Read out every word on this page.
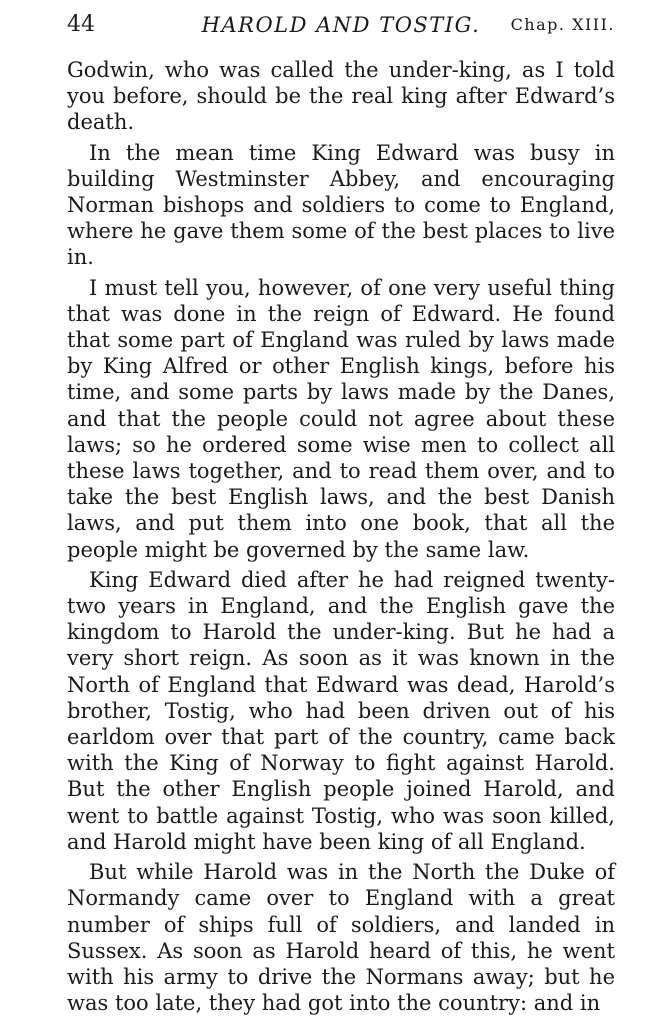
44	HAROLD AND TOSTIG.	Chap. XIII.

Godwin, who was called the under-king, as I told you before, should be the real king after Edward’s death.

In the mean time King Edward was busy in building Westminster Abbey, and encouraging Norman bishops and soldiers to come to England, where he gave them some of the best places to live in.

I must tell you, however, of one very useful thing that was done in the reign of Edward. He found that some part of England was ruled by laws made by King Alfred or other English kings, before his time, and some parts by laws made by the Danes, and that the people could not agree about these laws; so he ordered some wise men to collect all these laws together, and to read them over, and to take the best English laws, and the best Danish laws, and put them into one book, that all the people might be governed by the same law.

King Edward died after he had reigned twenty-two years in England, and the English gave the kingdom to Harold the under-king. But he had a very short reign. As soon as it was known in the North of England that Edward was dead, Harold’s brother, Tostig, who had been driven out of his earldom over that part of the country, came back with the King of Norway to fight against Harold. But the other English people joined Harold, and went to battle against Tostig, who was soon killed, and Harold might have been king of all England.

But while Harold was in the North the Duke of Normandy came over to England with a great number of ships full of soldiers, and landed in Sussex. As soon as Harold heard of this, he went with his army to drive the Normans away; but he was too late, they had got into the country: and in
